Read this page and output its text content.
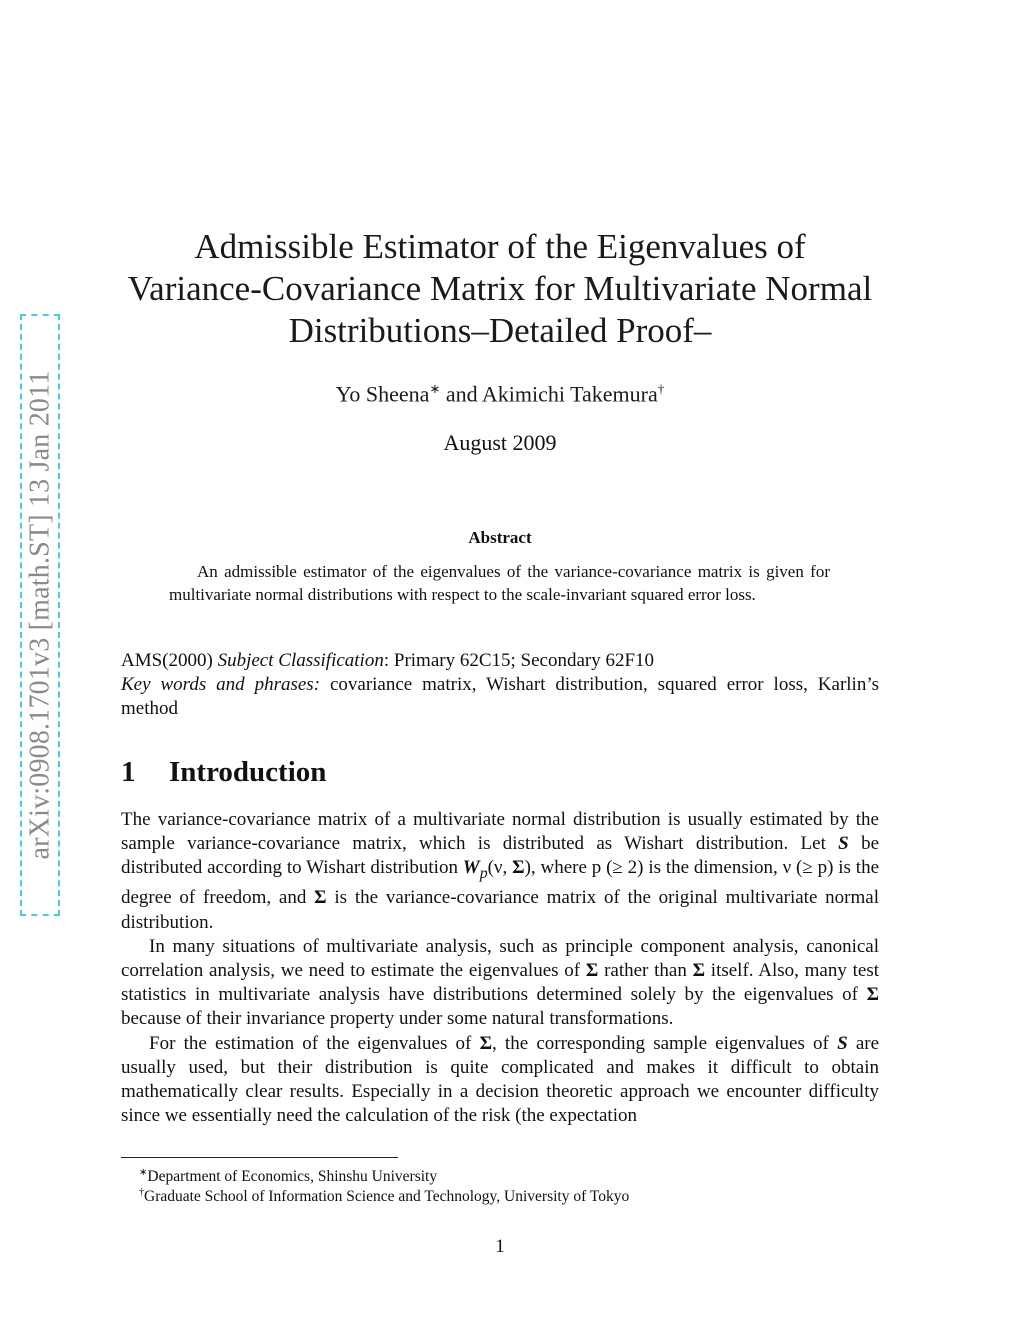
arXiv:0908.1701v3 [math.ST] 13 Jan 2011
Admissible Estimator of the Eigenvalues of
Variance-Covariance Matrix for Multivariate Normal
Distributions–Detailed Proof–
Yo Sheena∗ and Akimichi Takemura†
August 2009
Abstract
An admissible estimator of the eigenvalues of the variance-covariance matrix is given for multivariate normal distributions with respect to the scale-invariant squared error loss.
AMS(2000) Subject Classification: Primary 62C15; Secondary 62F10
Key words and phrases: covariance matrix, Wishart distribution, squared error loss, Karlin’s method
1 Introduction

The variance-covariance matrix of a multivariate normal distribution is usually estimated by the sample variance-covariance matrix, which is distributed as Wishart distribution. Let S be distributed according to Wishart distribution $W_p(\nu$, Σ), where p (≥ 2) is the dimension, ν (≥ p) is the degree of freedom, and Σ is the variance-covariance matrix of the original multivariate normal distribution.

In many situations of multivariate analysis, such as principle component analysis, canonical correlation analysis, we need to estimate the eigenvalues of Σ rather than Σ itself. Also, many test statistics in multivariate analysis have distributions determined solely by the eigenvalues of Σ because of their invariance property under some natural transformations.

For the estimation of the eigenvalues of Σ, the corresponding sample eigenvalues of S are usually used, but their distribution is quite complicated and makes it difficult to obtain mathematically clear results. Especially in a decision theoretic approach we encounter difficulty since we essentially need the calculation of the risk (the expectation

∗Department of Economics, Shinshu University
†Graduate School of Information Science and Technology, University of Tokyo
1
